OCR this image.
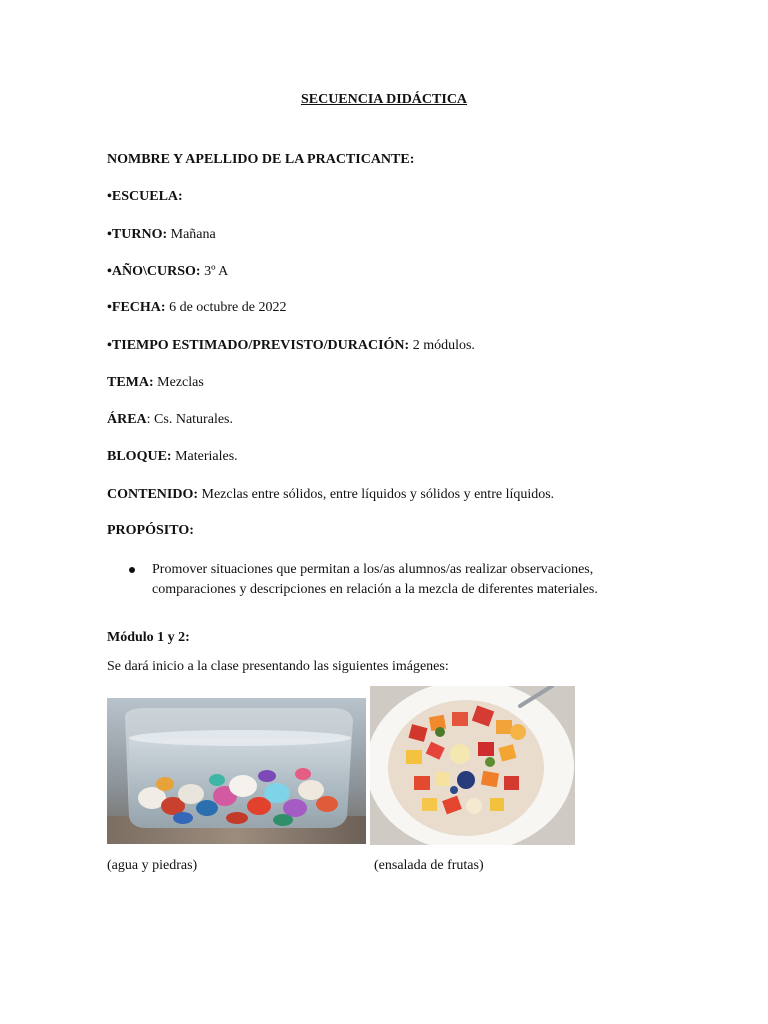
SECUENCIA DIDÁCTICA
NOMBRE Y APELLIDO DE LA PRACTICANTE:
•ESCUELA:
•TURNO: Mañana
•AÑO\CURSO: 3º A
•FECHA: 6 de octubre de 2022
•TIEMPO ESTIMADO/PREVISTO/DURACIÓN: 2 módulos.
TEMA: Mezclas
ÁREA: Cs. Naturales.
BLOQUE: Materiales.
CONTENIDO: Mezclas entre sólidos, entre líquidos y sólidos y entre líquidos.
PROPÓSITO:
Promover situaciones que permitan a los/as alumnos/as realizar observaciones, comparaciones y descripciones en relación a la mezcla de diferentes materiales.
Módulo 1 y 2:
Se dará inicio a la clase presentando las siguientes imágenes:
(agua y piedras)	(ensalada de frutas)
